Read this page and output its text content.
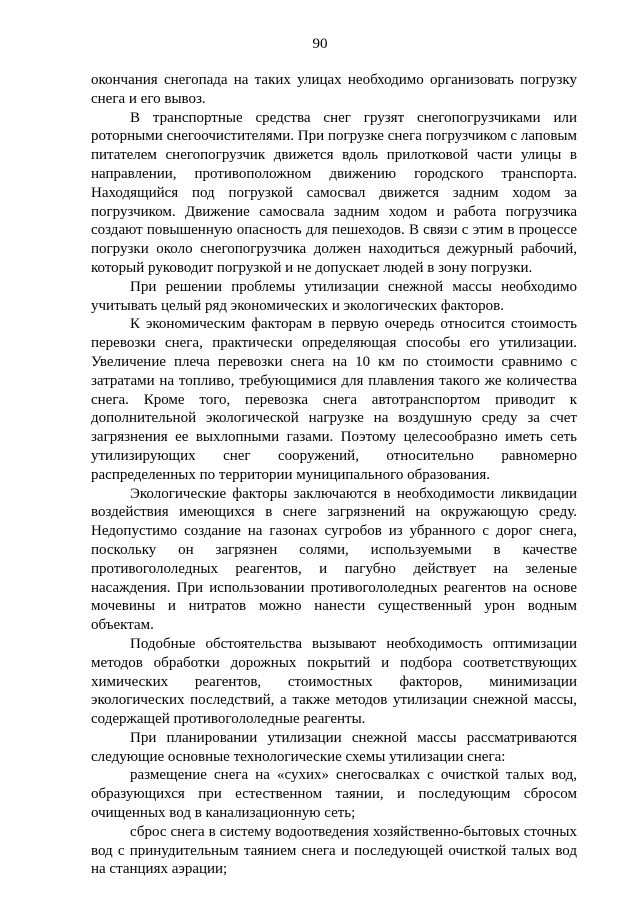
90

окончания снегопада на таких улицах необходимо организовать погрузку снега и его вывоз.

В транспортные средства снег грузят снегопогрузчиками или роторными снегоочистителями. При погрузке снега погрузчиком с лаповым питателем снегопогрузчик движется вдоль прилотковой части улицы в направлении, противоположном движению городского транспорта. Находящийся под погрузкой самосвал движется задним ходом за погрузчиком. Движение самосвала задним ходом и работа погрузчика создают повышенную опасность для пешеходов. В связи с этим в процессе погрузки около снегопогрузчика должен находиться дежурный рабочий, который руководит погрузкой и не допускает людей в зону погрузки.

При решении проблемы утилизации снежной массы необходимо учитывать целый ряд экономических и экологических факторов.

К экономическим факторам в первую очередь относится стоимость перевозки снега, практически определяющая способы его утилизации. Увеличение плеча перевозки снега на 10 км по стоимости сравнимо с затратами на топливо, требующимися для плавления такого же количества снега. Кроме того, перевозка снега автотранспортом приводит к дополнительной экологической нагрузке на воздушную среду за счет загрязнения ее выхлопными газами. Поэтому целесообразно иметь сеть утилизирующих снег сооружений, относительно равномерно распределенных по территории муниципального образования.

Экологические факторы заключаются в необходимости ликвидации воздействия имеющихся в снеге загрязнений на окружающую среду. Недопустимо создание на газонах сугробов из убранного с дорог снега, поскольку он загрязнен солями, используемыми в качестве противогололедных реагентов, и пагубно действует на зеленые насаждения. При использовании противогололедных реагентов на основе мочевины и нитратов можно нанести существенный урон водным объектам.

Подобные обстоятельства вызывают необходимость оптимизации методов обработки дорожных покрытий и подбора соответствующих химических реагентов, стоимостных факторов, минимизации экологических последствий, а также методов утилизации снежной массы, содержащей противогололедные реагенты.

При планировании утилизации снежной массы рассматриваются следующие основные технологические схемы утилизации снега:

размещение снега на «сухих» снегосвалках с очисткой талых вод, образующихся при естественном таянии, и последующим сбросом очищенных вод в канализационную сеть;

сброс снега в систему водоотведения хозяйственно-бытовых сточных вод с принудительным таянием снега и последующей очисткой талых вод на станциях аэрации;
